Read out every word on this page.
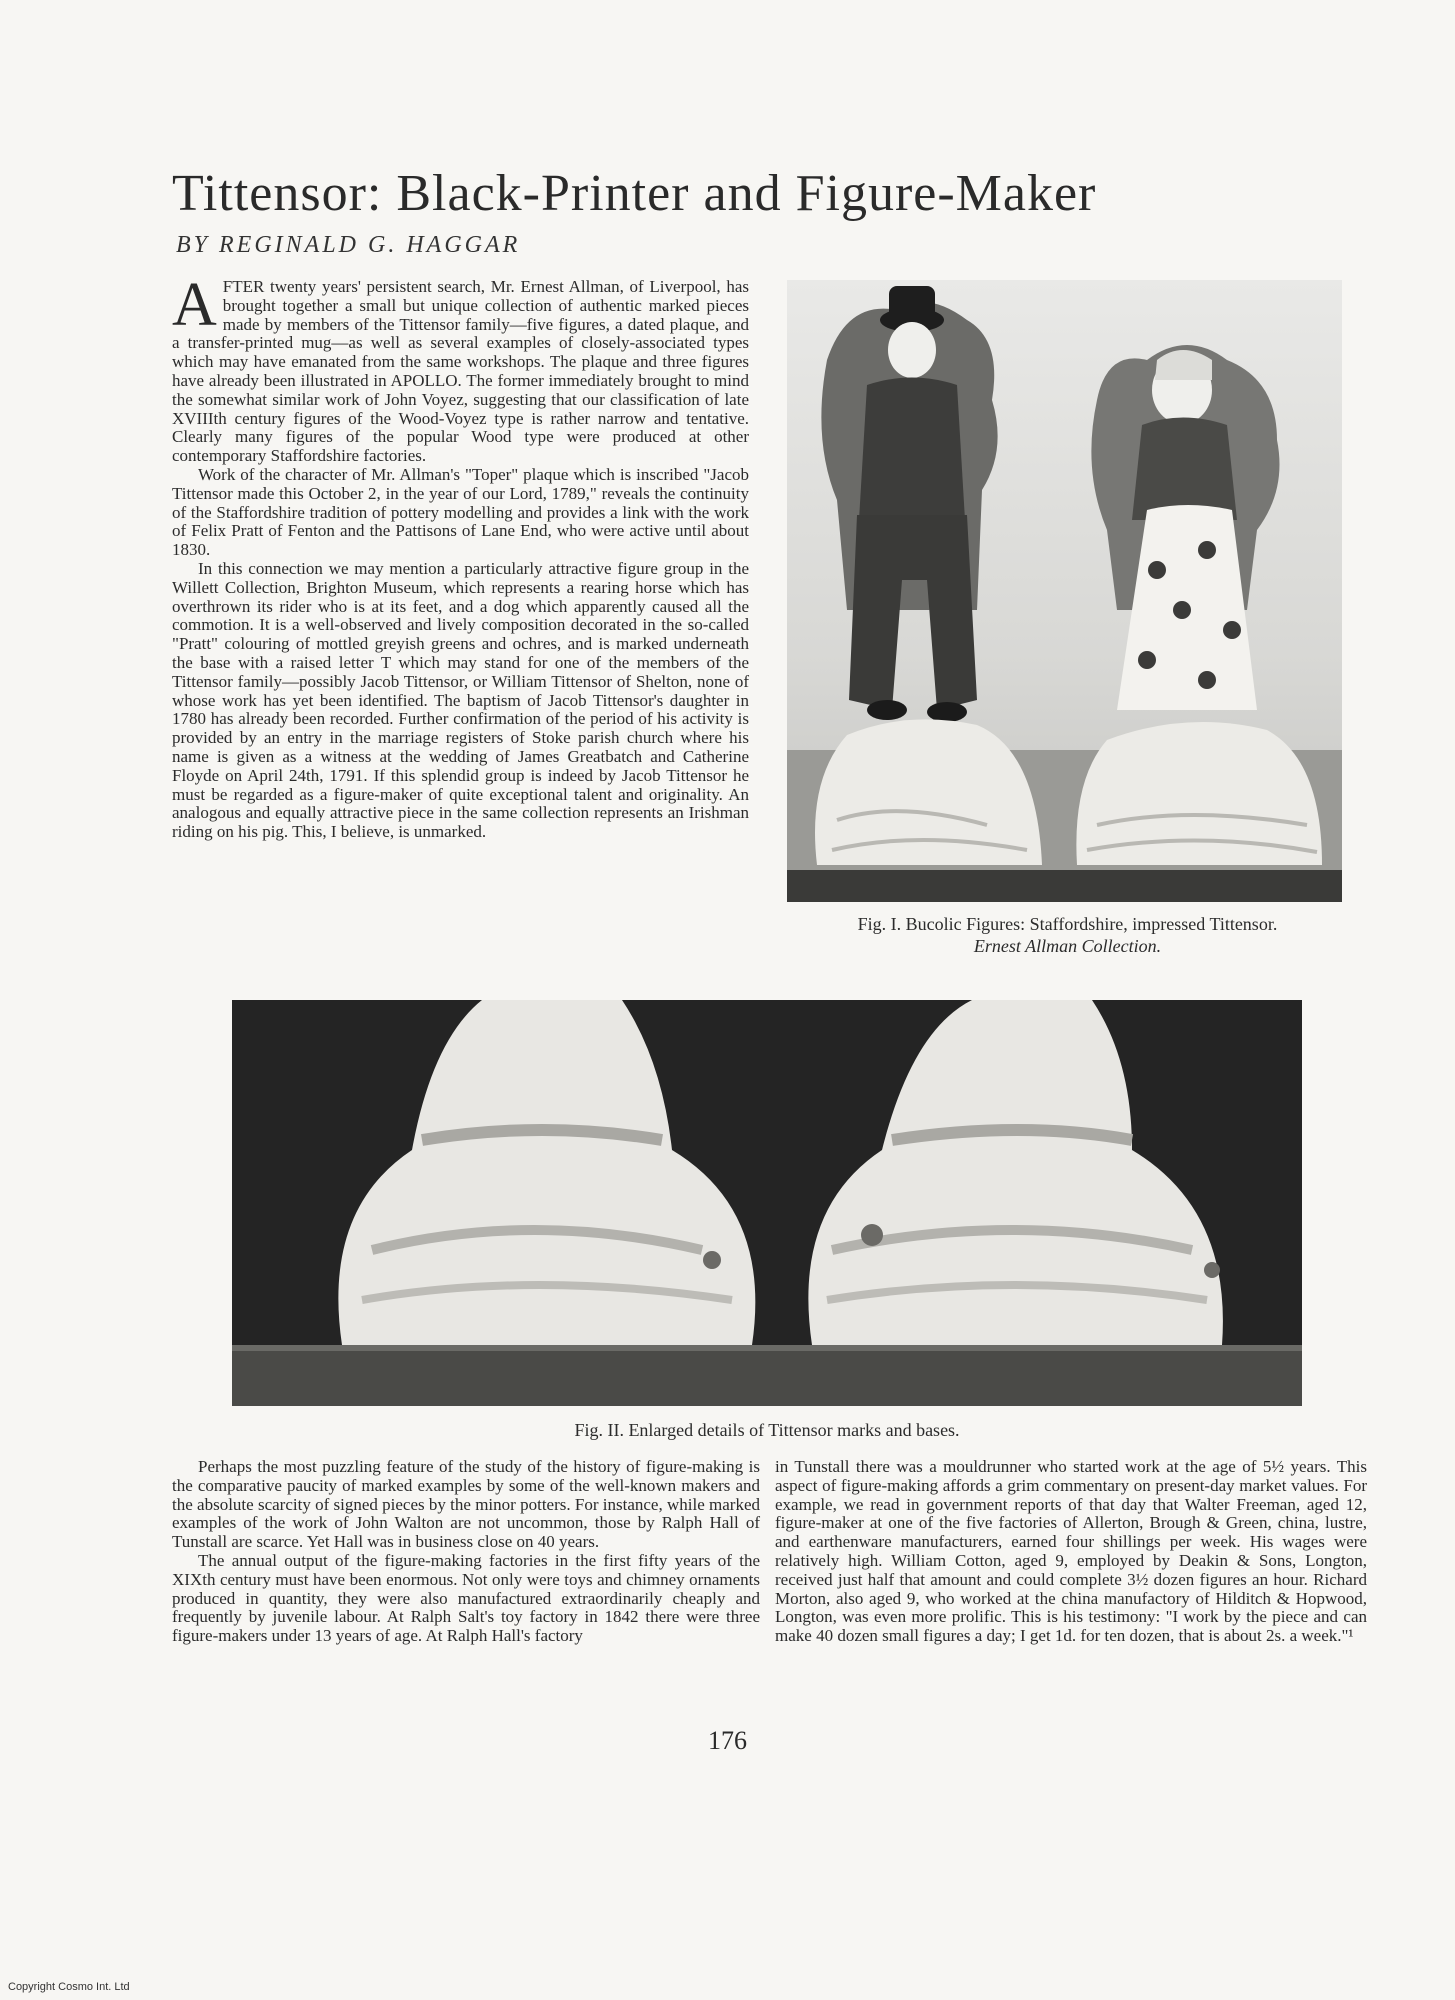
Tittensor: Black-Printer and Figure-Maker
BY REGINALD G. HAGGAR

AFTER twenty years' persistent search, Mr. Ernest Allman, of Liverpool, has brought together a small but unique collection of authentic marked pieces made by members of the Tittensor family—five figures, a dated plaque, and a transfer-printed mug—as well as several examples of closely-associated types which may have emanated from the same workshops. The plaque and three figures have already been illustrated in APOLLO. The former immediately brought to mind the somewhat similar work of John Voyez, suggesting that our classification of late XVIIIth century figures of the Wood-Voyez type is rather narrow and tentative. Clearly many figures of the popular Wood type were produced at other contemporary Staffordshire factories.

Work of the character of Mr. Allman's "Toper" plaque which is inscribed "Jacob Tittensor made this October 2, in the year of our Lord, 1789," reveals the continuity of the Staffordshire tradition of pottery modelling and provides a link with the work of Felix Pratt of Fenton and the Pattisons of Lane End, who were active until about 1830.

In this connection we may mention a particularly attractive figure group in the Willett Collection, Brighton Museum, which represents a rearing horse which has overthrown its rider who is at its feet, and a dog which apparently caused all the commotion. It is a well-observed and lively composition decorated in the so-called "Pratt" colouring of mottled greyish greens and ochres, and is marked underneath the base with a raised letter T which may stand for one of the members of the Tittensor family—possibly Jacob Tittensor, or William Tittensor of Shelton, none of whose work has yet been identified. The baptism of Jacob Tittensor's daughter in 1780 has already been recorded. Further confirmation of the period of his activity is provided by an entry in the marriage registers of Stoke parish church where his name is given as a witness at the wedding of James Greatbatch and Catherine Floyde on April 24th, 1791. If this splendid group is indeed by Jacob Tittensor he must be regarded as a figure-maker of quite exceptional talent and originality. An analogous and equally attractive piece in the same collection represents an Irishman riding on his pig. This, I believe, is unmarked.

Fig. I. Bucolic Figures: Staffordshire, impressed Tittensor.
Ernest Allman Collection.
Fig. II. Enlarged details of Tittensor marks and bases.

Perhaps the most puzzling feature of the study of the history of figure-making is the comparative paucity of marked examples by some of the well-known makers and the absolute scarcity of signed pieces by the minor potters. For instance, while marked examples of the work of John Walton are not uncommon, those by Ralph Hall of Tunstall are scarce. Yet Hall was in business close on 40 years.

The annual output of the figure-making factories in the first fifty years of the XIXth century must have been enormous. Not only were toys and chimney ornaments produced in quantity, they were also manufactured extraordinarily cheaply and frequently by juvenile labour. At Ralph Salt's toy factory in 1842 there were three figure-makers under 13 years of age. At Ralph Hall's factory

in Tunstall there was a mouldrunner who started work at the age of 5½ years. This aspect of figure-making affords a grim commentary on present-day market values. For example, we read in government reports of that day that Walter Freeman, aged 12, figure-maker at one of the five factories of Allerton, Brough & Green, china, lustre, and earthenware manufacturers, earned four shillings per week. His wages were relatively high. William Cotton, aged 9, employed by Deakin & Sons, Longton, received just half that amount and could complete 3½ dozen figures an hour. Richard Morton, also aged 9, who worked at the china manufactory of Hilditch & Hopwood, Longton, was even more prolific. This is his testimony: "I work by the piece and can make 40 dozen small figures a day; I get 1d. for ten dozen, that is about 2s. a week."¹

176
Copyright Cosmo Int. Ltd
